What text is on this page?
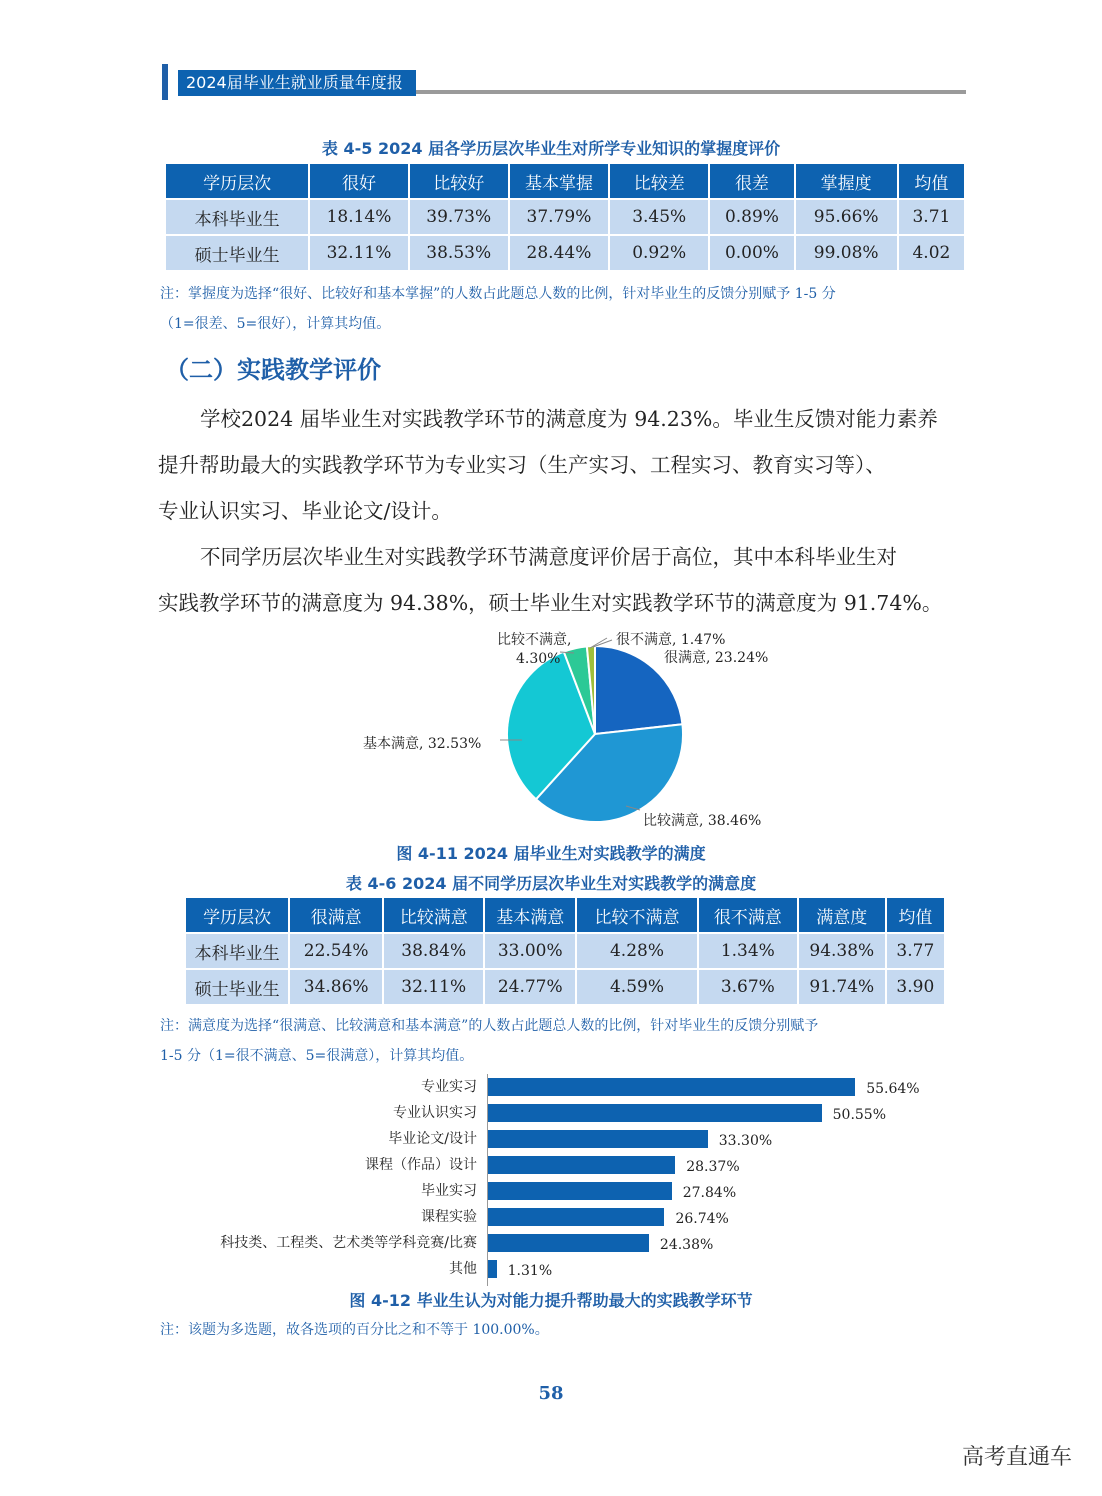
2024届毕业生就业质量年度报告
表 4-5 2024 届各学历层次毕业生对所学专业知识的掌握度评价
学历层次	很好	比较好	基本掌握	比较差	很差	掌握度	均值
本科毕业生	18.14%	39.73%	37.79%	3.45%	0.89%	95.66%	3.71
硕士毕业生	32.11%	38.53%	28.44%	0.92%	0.00%	99.08%	4.02
注：掌握度为选择“很好、比较好和基本掌握”的人数占此题总人数的比例，针对毕业生的反馈分别赋予 1-5 分
（1=很差、5=很好），计算其均值。
（二）实践教学评价
学校2024 届毕业生对实践教学环节的满意度为 94.23%。毕业生反馈对能力素养
提升帮助最大的实践教学环节为专业实习（生产实习、工程实习、教育实习等）、
专业认识实习、毕业论文/设计。
不同学历层次毕业生对实践教学环节满意度评价居于高位，其中本科毕业生对
实践教学环节的满意度为 94.38%，硕士毕业生对实践教学环节的满意度为 91.74%。
很不满意, 1.47%
很满意, 23.24%
比较不满意,
4.30%
基本满意, 32.53%
比较满意, 38.46%
图 4-11 2024 届毕业生对实践教学的满度
表 4-6 2024 届不同学历层次毕业生对实践教学的满意度
学历层次	很满意	比较满意	基本满意	比较不满意	很不满意	满意度	均值
本科毕业生	22.54%	38.84%	33.00%	4.28%	1.34%	94.38%	3.77
硕士毕业生	34.86%	32.11%	24.77%	4.59%	3.67%	91.74%	3.90
注：满意度为选择“很满意、比较满意和基本满意”的人数占此题总人数的比例，针对毕业生的反馈分别赋予
1-5 分（1=很不满意、5=很满意），计算其均值。
专业实习	55.64%
专业认识实习	50.55%
毕业论文/设计	33.30%
课程（作品）设计	28.37%
毕业实习	27.84%
课程实验	26.74%
科技类、工程类、艺术类等学科竞赛/比赛	24.38%
其他 1.31%
图 4-12 毕业生认为对能力提升帮助最大的实践教学环节
注：该题为多选题，故各选项的百分比之和不等于 100.00%。
58
高考直通车
